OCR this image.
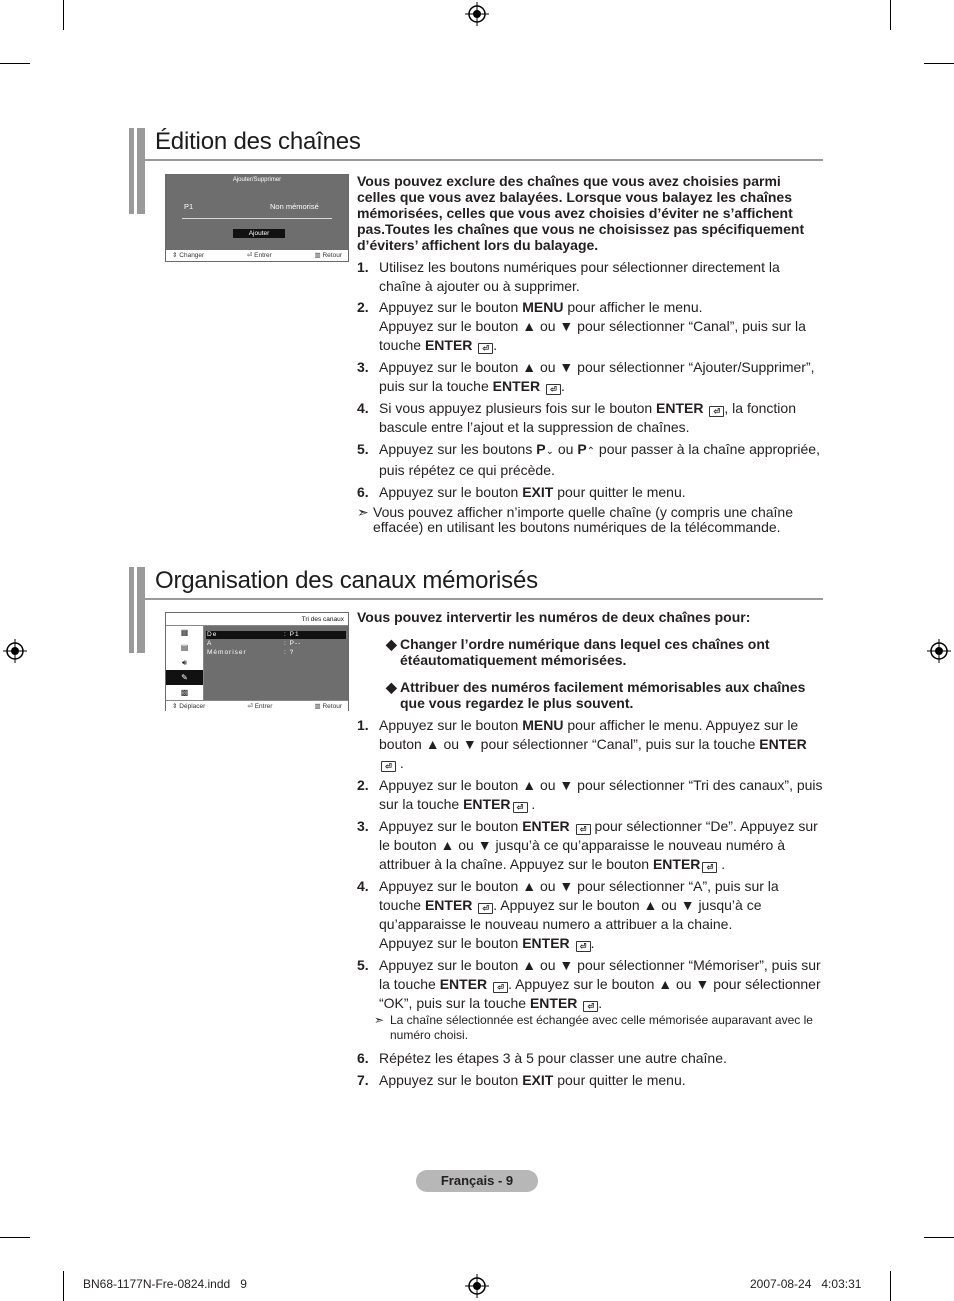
Édition des chaînes
Ajouter/Supprimer
P1	Non mémorisé
Ajouter
⇕ Changer	⏎ Entrer	▥ Retour

Vous pouvez exclure des chaînes que vous avez choisies parmi celles que vous avez balayées. Lorsque vous balayez les chaînes mémorisées, celles que vous avez choisies d’éviter ne s’affichent pas.Toutes les chaînes que vous ne choisissez pas spécifiquement d’éviters’ affichent lors du balayage.

1. Utilisez les boutons numériques pour sélectionner directement la chaîne à ajouter ou à supprimer.
2. Appuyez sur le bouton MENU pour afficher le menu.
Appuyez sur le bouton ▲ ou ▼ pour sélectionner “Canal”, puis sur la touche ENTER ⏎ .
3. Appuyez sur le bouton ▲ ou ▼ pour sélectionner “Ajouter/Supprimer”, puis sur la touche ENTER ⏎ .
4. Si vous appuyez plusieurs fois sur le bouton ENTER ⏎ , la fonction bascule entre l’ajout et la suppression de chaînes.
5. Appuyez sur les boutons P⌄ ou P⌃ pour passer à la chaîne appropriée, puis répétez ce qui précède.
6. Appuyez sur le bouton EXIT pour quitter le menu.
➣ Vous pouvez afficher n’importe quelle chaîne (y compris une chaîne effacée) en utilisant les boutons numériques de la télécommande.
Organisation des canaux mémorisés
Tri des canaux
▦
▤
🔊︎
✎
▩
De	: P1
A	: P--
Mémoriser	: ?
⇕ Déplacer	⏎ Entrer	▥ Retour

Vous pouvez intervertir les numéros de deux chaînes pour:

◆ Changer l’ordre numérique dans lequel ces chaînes ont étéautomatiquement mémorisées.
◆ Attribuer des numéros facilement mémorisables aux chaînes que vous regardez le plus souvent.
1. Appuyez sur le bouton MENU pour afficher le menu. Appuyez sur le bouton ▲ ou ▼ pour sélectionner “Canal”, puis sur la touche ENTER ⏎ .
2. Appuyez sur le bouton ▲ ou ▼ pour sélectionner “Tri des canaux”, puis sur la touche ENTER ⏎ .
3. Appuyez sur le bouton ENTER ⏎ pour sélectionner “De”. Appuyez sur le bouton ▲ ou ▼ jusqu’à ce qu’apparaisse le nouveau numéro à attribuer à la chaîne. Appuyez sur le bouton ENTER ⏎ .
4. Appuyez sur le bouton ▲ ou ▼ pour sélectionner “A”, puis sur la touche ENTER ⏎ . Appuyez sur le bouton ▲ ou ▼ jusqu’à ce qu’apparaisse le nouveau numero a attribuer a la chaine.
Appuyez sur le bouton ENTER ⏎ .
5. Appuyez sur le bouton ▲ ou ▼ pour sélectionner “Mémoriser”, puis sur la touche ENTER ⏎ . Appuyez sur le bouton ▲ ou ▼ pour sélectionner “OK”, puis sur la touche ENTER ⏎ .
➣ La chaîne sélectionnée est échangée avec celle mémorisée auparavant avec le numéro choisi.
6. Répétez les étapes 3 à 5 pour classer une autre chaîne.
7. Appuyez sur le bouton EXIT pour quitter le menu.
Français - 9
BN68-1177N-Fre-0824.indd   9	2007-08-24   4:03:31
